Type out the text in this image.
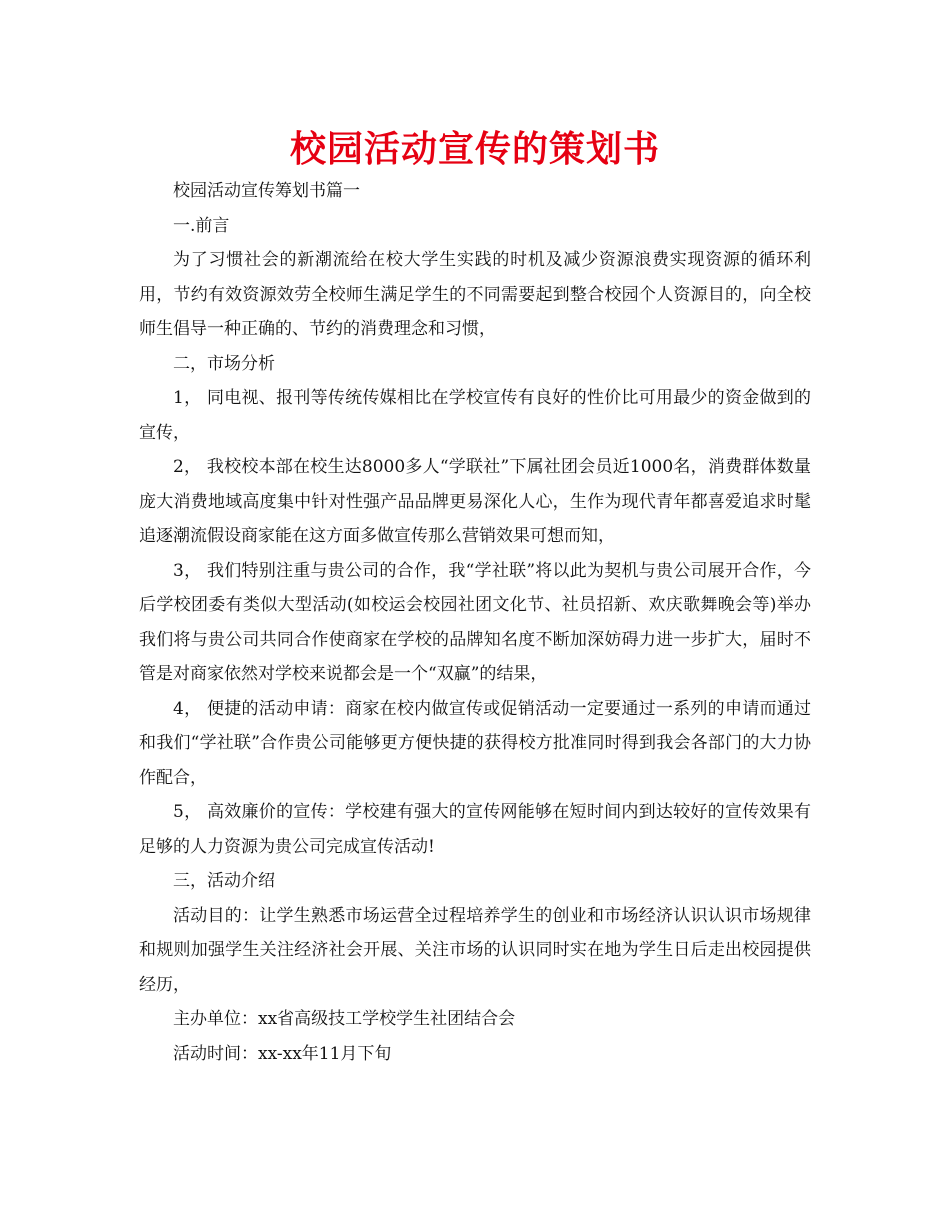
校园活动宣传的策划书

校园活动宣传筹划书篇一

一.前言

为了习惯社会的新潮流给在校大学生实践的时机及减少资源浪费实现资源的循环利用，节约有效资源效劳全校师生满足学生的不同需要起到整合校园个人资源目的，向全校师生倡导一种正确的、节约的消费理念和习惯，

二，市场分析

1， 同电视、报刊等传统传媒相比在学校宣传有良好的性价比可用最少的资金做到的宣传，

2， 我校校本部在校生达8000多人“学联社”下属社团会员近1000名，消费群体数量庞大消费地域高度集中针对性强产品品牌更易深化人心，生作为现代青年都喜爱追求时髦追逐潮流假设商家能在这方面多做宣传那么营销效果可想而知，

3， 我们特别注重与贵公司的合作，我“学社联”将以此为契机与贵公司展开合作，今后学校团委有类似大型活动(如校运会校园社团文化节、社员招新、欢庆歌舞晚会等)举办我们将与贵公司共同合作使商家在学校的品牌知名度不断加深妨碍力进一步扩大，届时不管是对商家依然对学校来说都会是一个“双赢”的结果，

4， 便捷的活动申请：商家在校内做宣传或促销活动一定要通过一系列的申请而通过和我们“学社联”合作贵公司能够更方便快捷的获得校方批准同时得到我会各部门的大力协作配合，

5， 高效廉价的宣传：学校建有强大的宣传网能够在短时间内到达较好的宣传效果有足够的人力资源为贵公司完成宣传活动!

三，活动介绍

活动目的：让学生熟悉市场运营全过程培养学生的创业和市场经济认识认识市场规律和规则加强学生关注经济社会开展、关注市场的认识同时实在地为学生日后走出校园提供经历，

主办单位：xx省高级技工学校学生社团结合会

活动时间：xx-xx年11月下旬
